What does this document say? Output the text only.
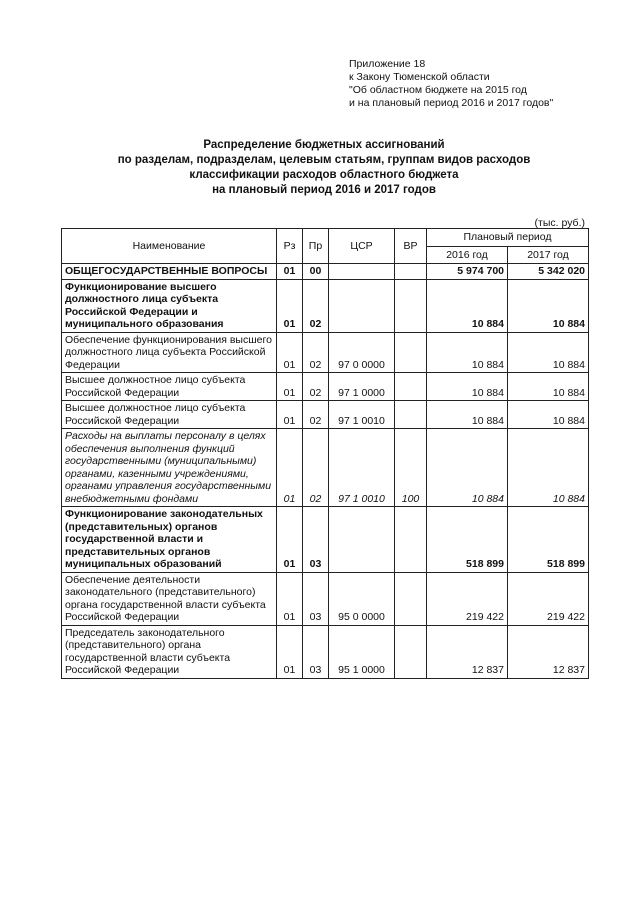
Приложение 18
к Закону Тюменской области
"Об областном бюджете на 2015 год
и на плановый период 2016 и 2017 годов"
Распределение бюджетных ассигнований
по разделам, подразделам, целевым статьям, группам видов расходов
классификации расходов областного бюджета
на плановый период 2016 и 2017 годов
(тыс. руб.)
Наименование	Рз	Пр	ЦСР	ВР	Плановый период	
					2016 год	2017 год
ОБЩЕГОСУДАРСТВЕННЫЕ ВОПРОСЫ	01	00			5 974 700	5 342 020
Функционирование высшего должностного лица субъекта Российской Федерации и муниципального образования	01	02			10 884	10 884
Обеспечение функционирования высшего должностного лица субъекта Российской Федерации	01	02	97 0 0000		10 884	10 884
Высшее должностное лицо субъекта Российской Федерации	01	02	97 1 0000		10 884	10 884
Высшее должностное лицо субъекта Российской Федерации	01	02	97 1 0010		10 884	10 884
Расходы на выплаты персоналу в целях обеспечения выполнения функций государственными (муниципальными) органами, казенными учреждениями, органами управления государственными внебюджетными фондами	01	02	97 1 0010	100	10 884	10 884
Функционирование законодательных (представительных) органов государственной власти и представительных органов муниципальных образований	01	03			518 899	518 899
Обеспечение деятельности законодательного (представительного) органа государственной власти субъекта Российской Федерации	01	03	95 0 0000		219 422	219 422
Председатель законодательного (представительного) органа государственной власти субъекта Российской Федерации	01	03	95 1 0000		12 837	12 837
